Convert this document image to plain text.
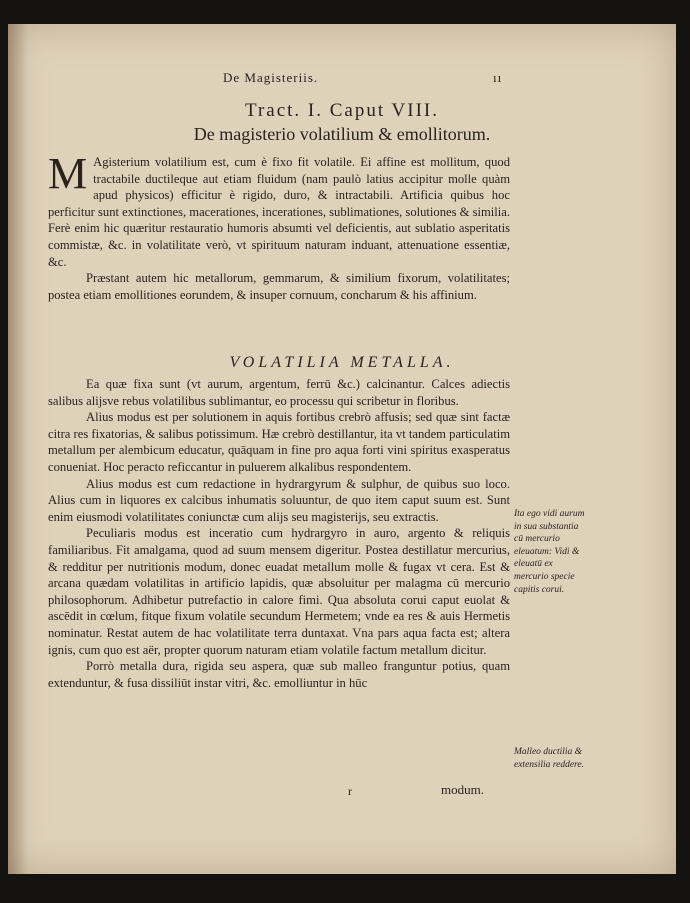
De Magisteriis.	ıı
Tract. I. Caput VIII.
De magisterio volatilium & emollitorum.

M Agisterium volatilium est, cum è fixo fit volatile. Ei affine est mollitum, quod tractabile ductileque aut etiam fluidum (nam paulò latius accipitur molle quàm apud physicos) efficitur è rigido, duro, & intractabili. Artificia quibus hoc perficitur sunt extinctiones, macerationes, incerationes, sublimationes, solutiones & similia. Ferè enim hic quæritur restauratio humoris absumti vel deficientis, aut sublatio asperitatis commistæ, &c. in volatilitate verò, vt spirituum naturam induant, attenuatione essentiæ, &c.

Præstant autem hic metallorum, gemmarum, & similium fixorum, volatilitates; postea etiam emollitiones eorundem, & insuper cornuum, concharum & his affinium.

VOLATILIA METALLA.

Ea quæ fixa sunt (vt aurum, argentum, ferrū &c.) calcinantur. Calces adiectis salibus alijsve rebus volatilibus sublimantur, eo processu qui scribetur in floribus.

Alius modus est per solutionem in aquis fortibus crebrò affusis; sed quæ sint factæ citra res fixatorias, & salibus potissimum. Hæ crebrò destillantur, ita vt tandem particulatim metallum per alembicum educatur, quāquam in fine pro aqua forti vini spiritus exasperatus conueniat. Hoc peracto reficcantur in puluerem alkalibus respondentem.

Alius modus est cum redactione in hydrargyrum & sulphur, de quibus suo loco. Alius cum in liquores ex calcibus inhumatis soluuntur, de quo item caput suum est. Sunt enim eiusmodi volatilitates coniunctæ cum alijs seu magisterijs, seu extractis.

Peculiaris modus est inceratio cum hydrargyro in auro, argento & reliquis familiaribus. Fit amalgama, quod ad suum mensem digeritur. Postea destillatur mercurius, & redditur per nutritionis modum, donec euadat metallum molle & fugax vt cera. Est & arcana quædam volatilitas in artificio lapidis, quæ absoluitur per malagma cū mercurio philosophorum. Adhibetur putrefactio in calore fimi. Qua absoluta corui caput euolat & ascēdit in cœlum, fitque fixum volatile secundum Hermetem; vnde ea res & auis Hermetis nominatur. Restat autem de hac volatilitate terra duntaxat. Vna pars aqua facta est; altera ignis, cum quo est aër, propter quorum naturam etiam volatile factum metallum dicitur.

Porrò metalla dura, rigida seu aspera, quæ sub malleo franguntur potius, quam extenduntur, & fusa dissiliūt instar vitri, &c. emolliuntur in hūc

Ita ego vidi aurum in sua substantia cū mercurio eleuatum: Vidi & eleuatū ex mercurio specie capitis corui.
Malleo ductilia & extensilia reddere.
r	modum.
